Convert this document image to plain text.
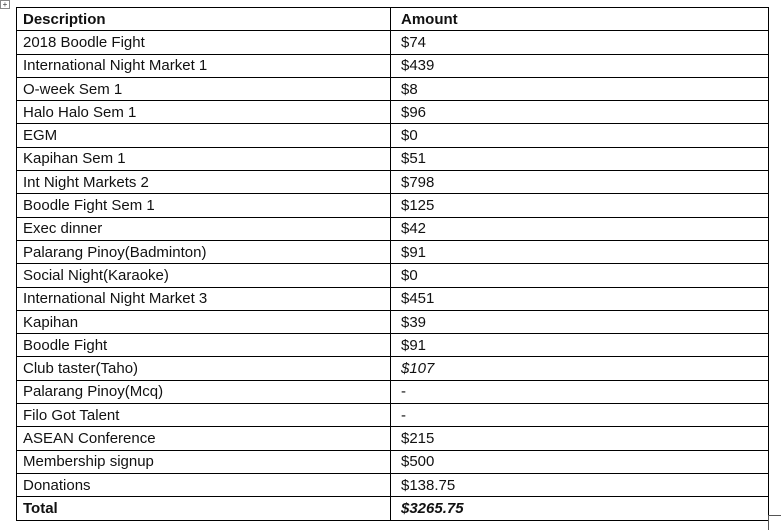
+
Description	Amount
2018 Boodle Fight	$74
International Night Market 1	$439
O-week Sem 1	$8
Halo Halo Sem 1	$96
EGM	$0
Kapihan Sem 1	$51
Int Night Markets 2	$798
Boodle Fight Sem 1	$125
Exec dinner	$42
Palarang Pinoy(Badminton)	$91
Social Night(Karaoke)	$0
International Night Market 3	$451
Kapihan	$39
Boodle Fight	$91
Club taster(Taho)	$107
Palarang Pinoy(Mcq)	-
Filo Got Talent	-
ASEAN Conference	$215
Membership signup	$500
Donations	$138.75
Total	$3265.75
